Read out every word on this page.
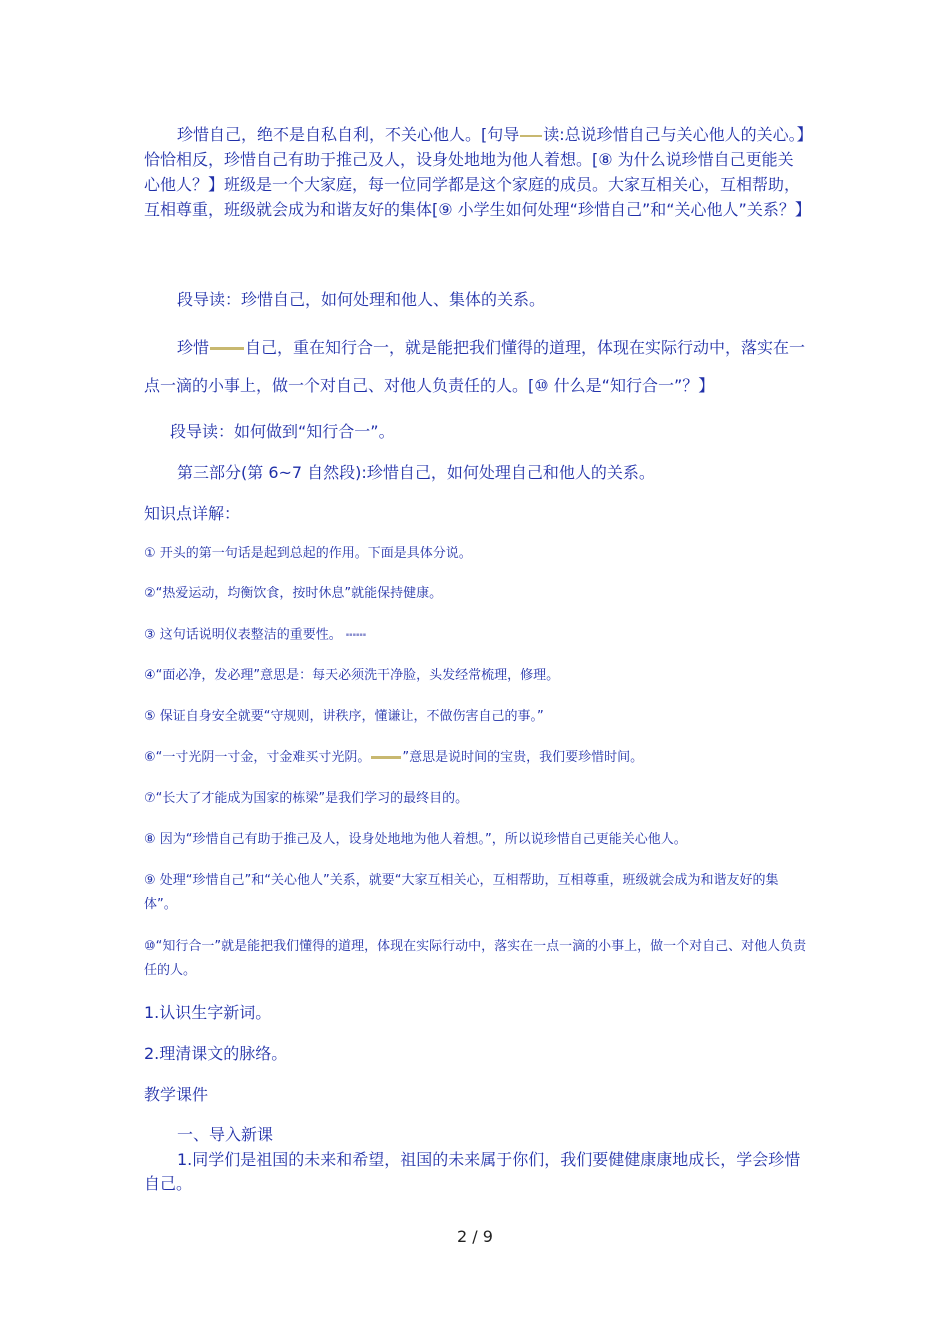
珍惜自己，绝不是自私自利，不关心他人。[句导 读:总说珍惜自己与关心他人的关心。】恰恰相反，珍惜自己有助于推己及人，设身处地地为他人着想。[⑧ 为什么说珍惜自己更能关心他人？】班级是一个大家庭，每一位同学都是这个家庭的成员。大家互相关心，互相帮助，互相尊重，班级就会成为和谐友好的集体[⑨ 小学生如何处理“珍惜自己”和“关心他人”关系？】

段导读：珍惜自己，如何处理和他人、集体的关系。

珍惜 自己，重在知行合一，就是能把我们懂得的道理，体现在实际行动中，落实在一点一滴的小事上，做一个对自己、对他人负责任的人。[⑩ 什么是“知行合一”？】

段导读：如何做到“知行合一”。

第三部分(第 6~7 自然段):珍惜自己，如何处理自己和他人的关系。

知识点详解：

① 开头的第一句话是起到总起的作用。下面是具体分说。

②“热爱运动，均衡饮食，按时休息”就能保持健康。

③ 这句话说明仪表整洁的重要性。 ▪▪▪▪▪▪

④“面必净，发必理”意思是：每天必须洗干净脸，头发经常梳理，修理。

⑤ 保证自身安全就要“守规则，讲秩序，懂谦让，不做伤害自己的事。”

⑥“一寸光阴一寸金，寸金难买寸光阴。 ”意思是说时间的宝贵，我们要珍惜时间。

⑦“长大了才能成为国家的栋梁”是我们学习的最终目的。

⑧ 因为“珍惜自己有助于推己及人，设身处地地为他人着想。”，所以说珍惜自己更能关心他人。

⑨ 处理“珍惜自己”和“关心他人”关系，就要“大家互相关心，互相帮助，互相尊重，班级就会成为和谐友好的集体”。

⑩“知行合一”就是能把我们懂得的道理，体现在实际行动中，落实在一点一滴的小事上，做一个对自己、对他人负责任的人。

1.认识生字新词。

2.理清课文的脉络。

教学课件

一、导入新课

1.同学们是祖国的未来和希望，祖国的未来属于你们，我们要健健康康地成长，学会珍惜自己。

2 / 9
